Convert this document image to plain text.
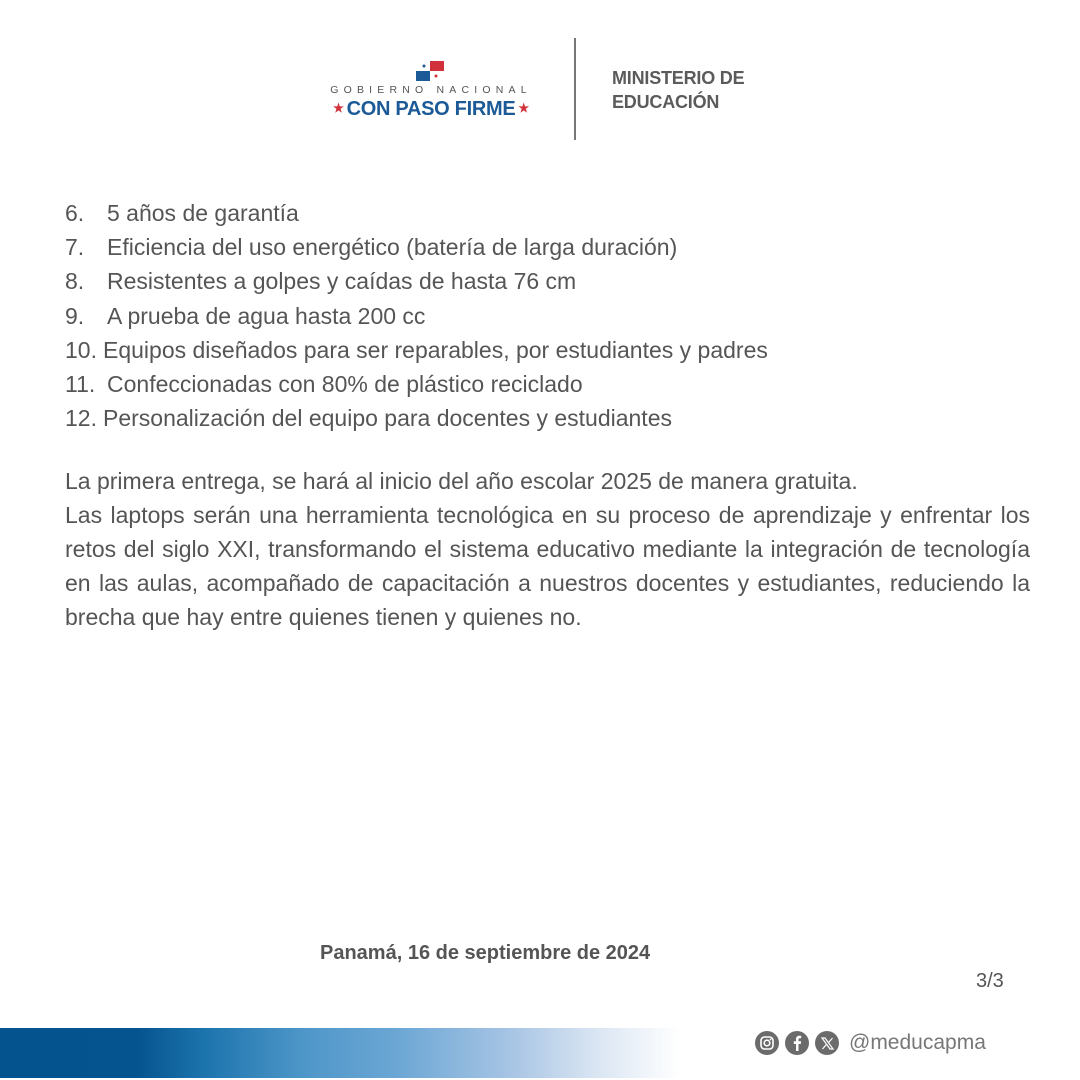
GOBIERNO NACIONAL
★ CON PASO FIRME ★
MINISTERIO DE
EDUCACIÓN
6. 5 años de garantía
7. Eficiencia del uso energético (batería de larga duración)
8. Resistentes a golpes y caídas de hasta 76 cm
9. A prueba de agua hasta 200 cc
10. Equipos diseñados para ser reparables, por estudiantes y padres
11. Confeccionadas con 80% de plástico reciclado
12. Personalización del equipo para docentes y estudiantes

La primera entrega, se hará al inicio del año escolar 2025 de manera gratuita.

Las laptops serán una herramienta tecnológica en su proceso de aprendizaje y enfrentar los retos del siglo XXI, transformando el sistema educativo mediante la integración de tecnología en las aulas, acompañado de capacitación a nuestros docentes y estudiantes, reduciendo la brecha que hay entre quienes tienen y quienes no.

Panamá, 16 de septiembre de 2024
3/3
@meducapma
